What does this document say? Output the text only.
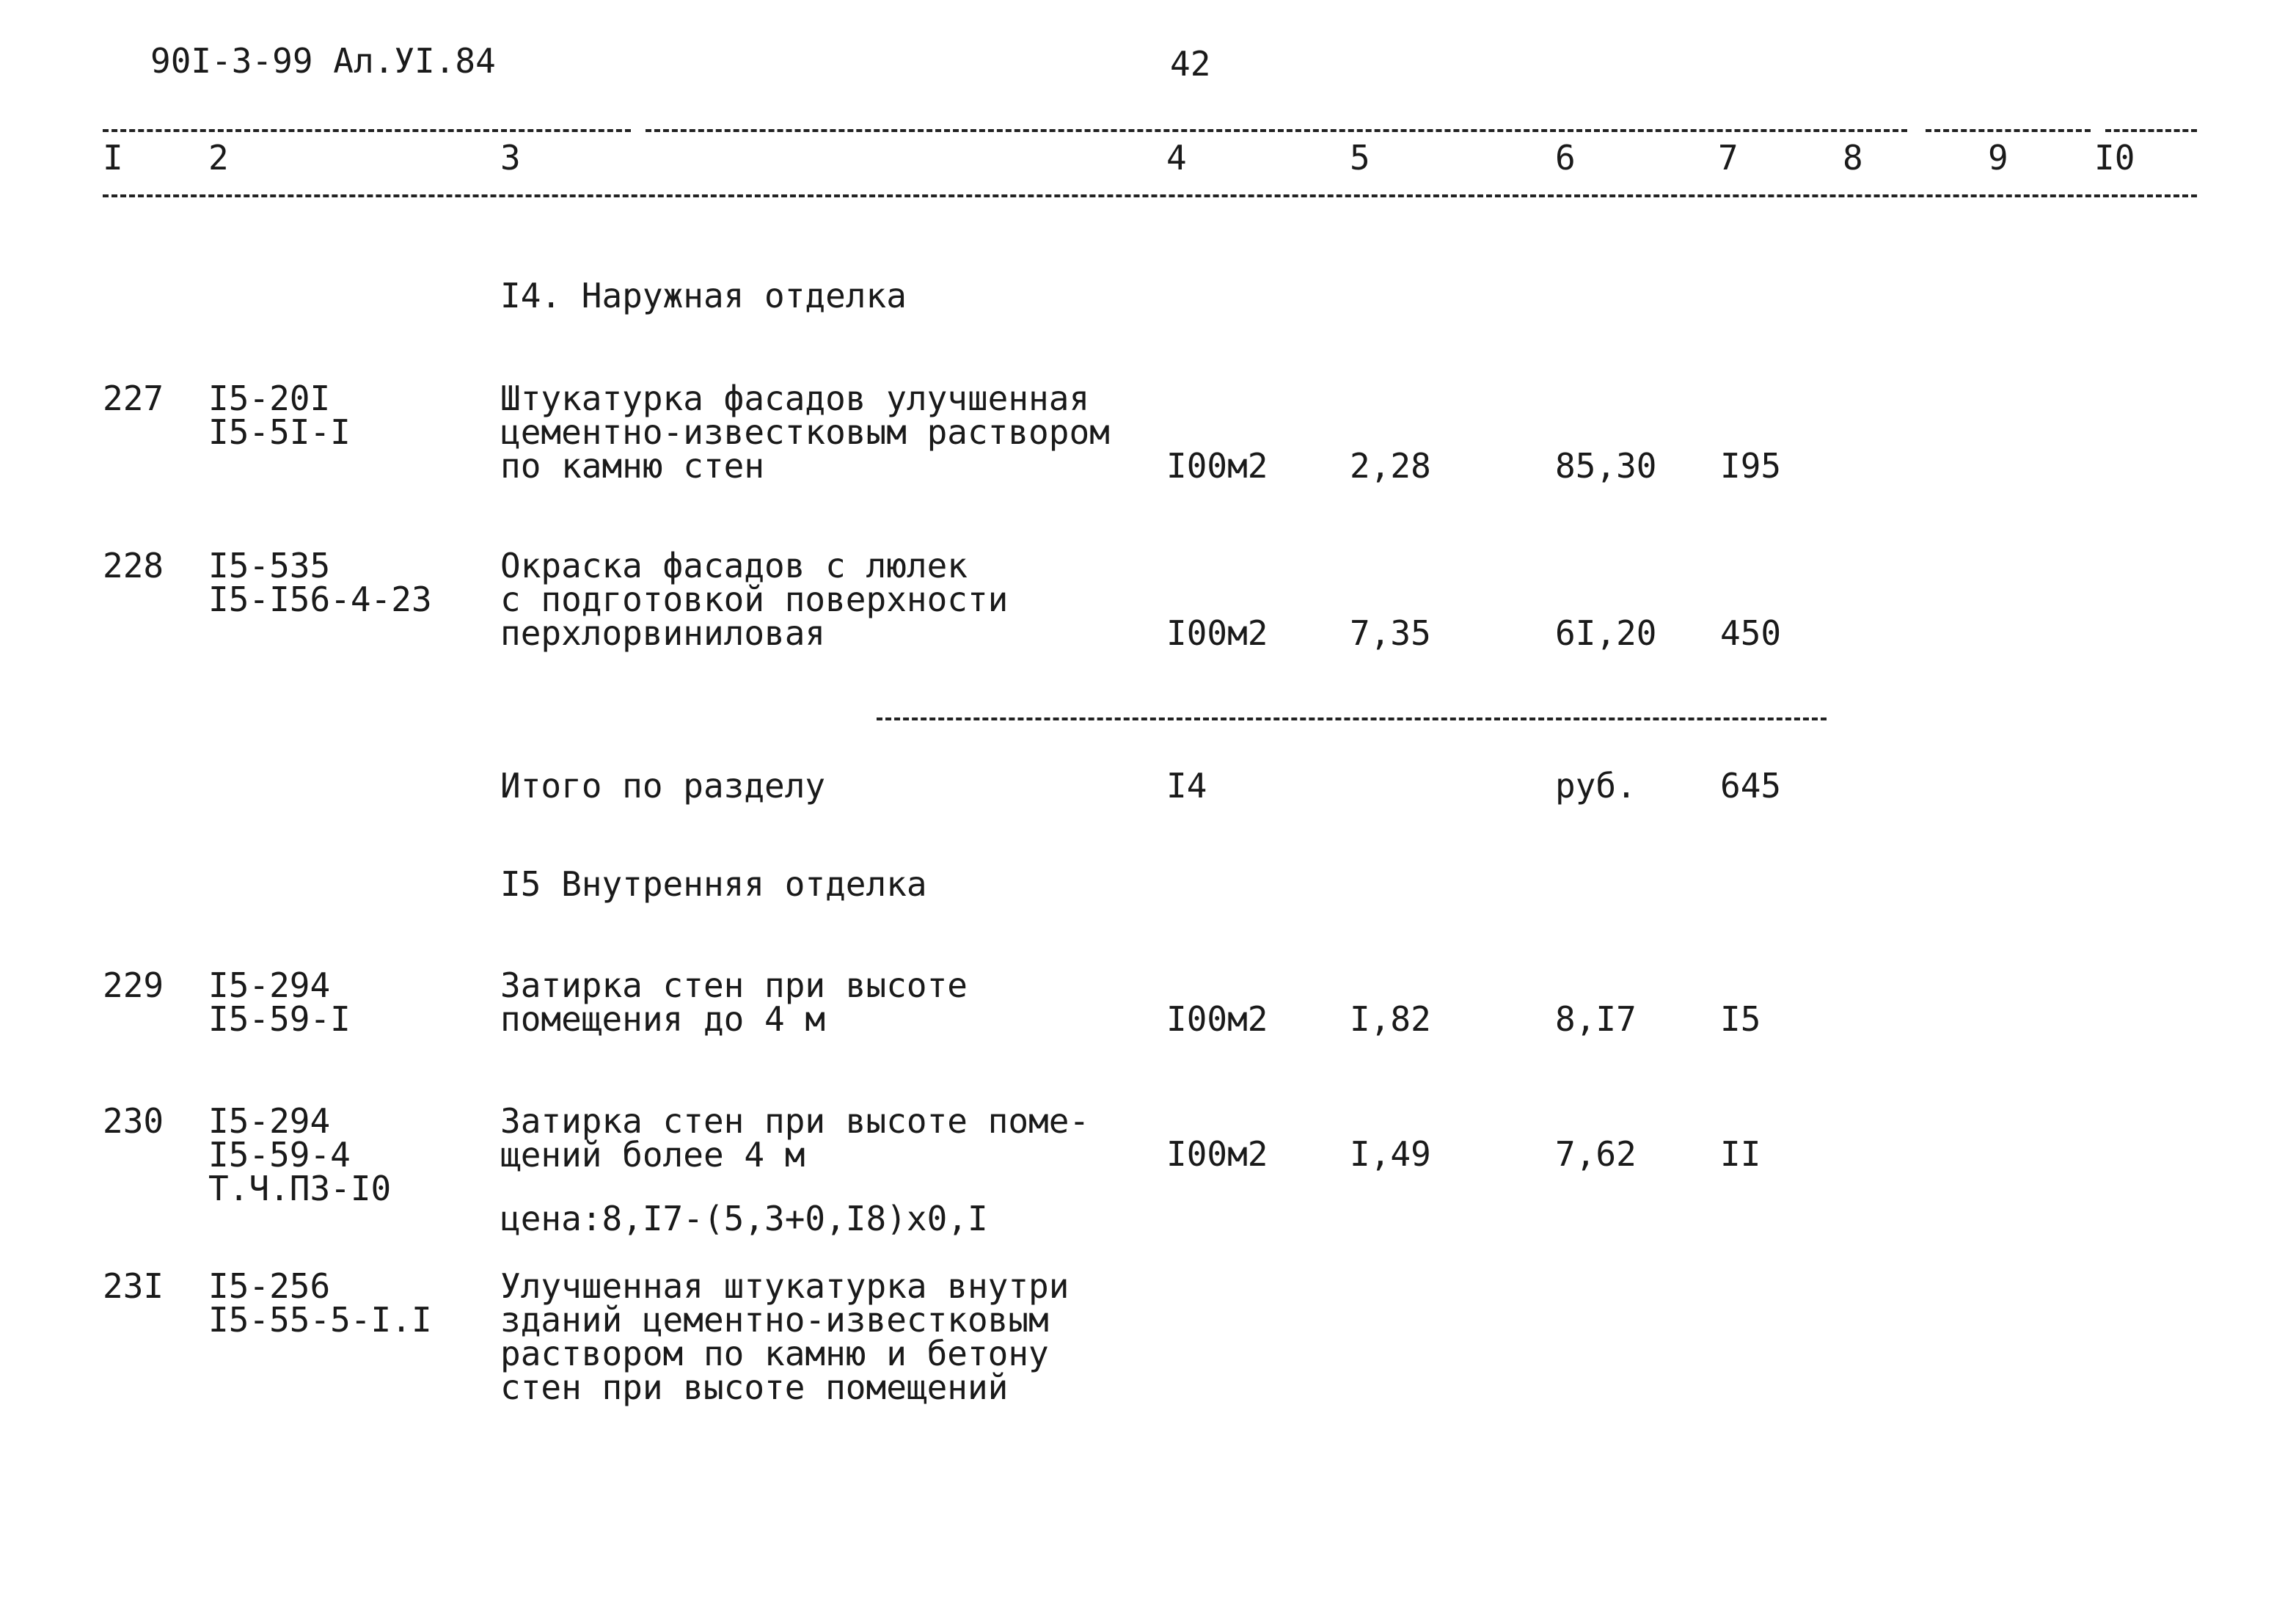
90I-3-99 Ал.УI.84	42
I	2	3	4	5	6	7	8	9	I0
I4. Наружная отделка
227 I5-20I
I5-5I-I
Штукатурка фасадов улучшенная
цементно-известковым раствором
по камню стен	I00м2 2,28	85,30 I95
228 I5-535
I5-I56-4-23
Окраска фасадов с люлек
с подготовкой поверхности
перхлорвиниловая	I00м2 7,35	6I,20 450
Итого по разделу	I4	руб. 645
I5 Внутренняя отделка
229 I5-294
I5-59-I
Затирка стен при высоте
помещения до 4 м	I00м2 I,82	8,I7 I5
230 I5-294
I5-59-4
Т.Ч.ПЗ-I0
Затирка стен при высоте поме-
щений более 4 м	I00м2 I,49	7,62 II
цена:8,I7-(5,3+0,I8)x0,I
23I I5-256
I5-55-5-I.I
Улучшенная штукатурка внутри
зданий цементно-известковым
раствором по камню и бетону
стен при высоте помещений
